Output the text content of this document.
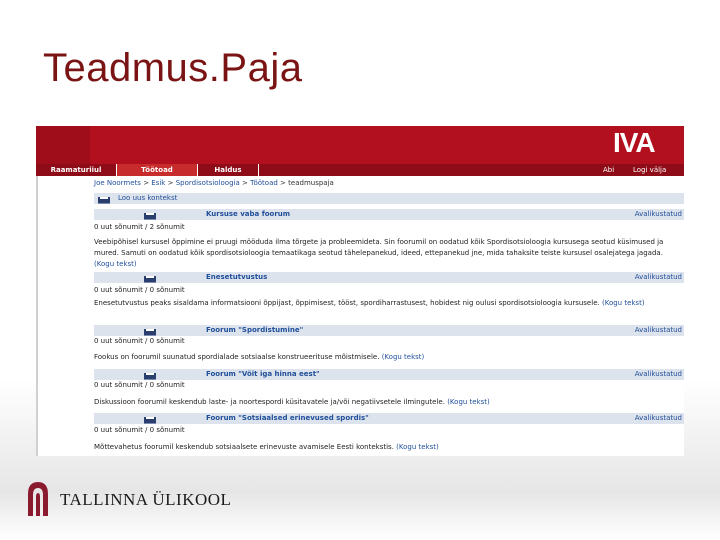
Teadmus.Paja
IVA
Raamaturiiul	Töötoad	Haldus	Abi	Logi välja
Joe Noormets > Esik > Spordisotsioloogia > Töötoad > teadmuspaja
Loo uus kontekst
Kursuse vaba foorum	Avalikustatud
0 uut sõnumit / 2 sõnumit
Veebipõhisel kursusel õppimine ei pruugi mööduda ilma tõrgete ja probleemideta. Sin foorumil on oodatud kõik Spordisotsioloogia kursusega seotud küsimused ja mured. Samuti on oodatud kõik spordisotsioloogia temaatikaga seotud tähelepanekud, ideed, ettepanekud jne, mida tahaksite teiste kursusel osalejatega jagada. (Kogu tekst)
Enesetutvustus	Avalikustatud
0 uut sõnumit / 0 sõnumit
Enesetutvustus peaks sisaldama informatsiooni õppijast, õppimisest, tööst, spordiharrastusest, hobidest nig oulusi spordisotsioloogia kursusele. (Kogu tekst)
Foorum "Spordistumine"	Avalikustatud
0 uut sõnumit / 0 sõnumit
Fookus on foorumil suunatud spordialade sotsiaalse konstrueerituse mõistmisele. (Kogu tekst)
Foorum "Võit iga hinna eest"	Avalikustatud
0 uut sõnumit / 0 sõnumit
Diskussioon foorumil keskendub laste- ja noortespordi küsitavatele ja/või negatiivsetele ilmingutele. (Kogu tekst)
Foorum "Sotsiaalsed erinevused spordis"	Avalikustatud
0 uut sõnumit / 0 sõnumit
Mõttevahetus foorumil keskendub sotsiaalsete erinevuste avamisele Eesti kontekstis. (Kogu tekst)
TALLINNA ÜLIKOOL
